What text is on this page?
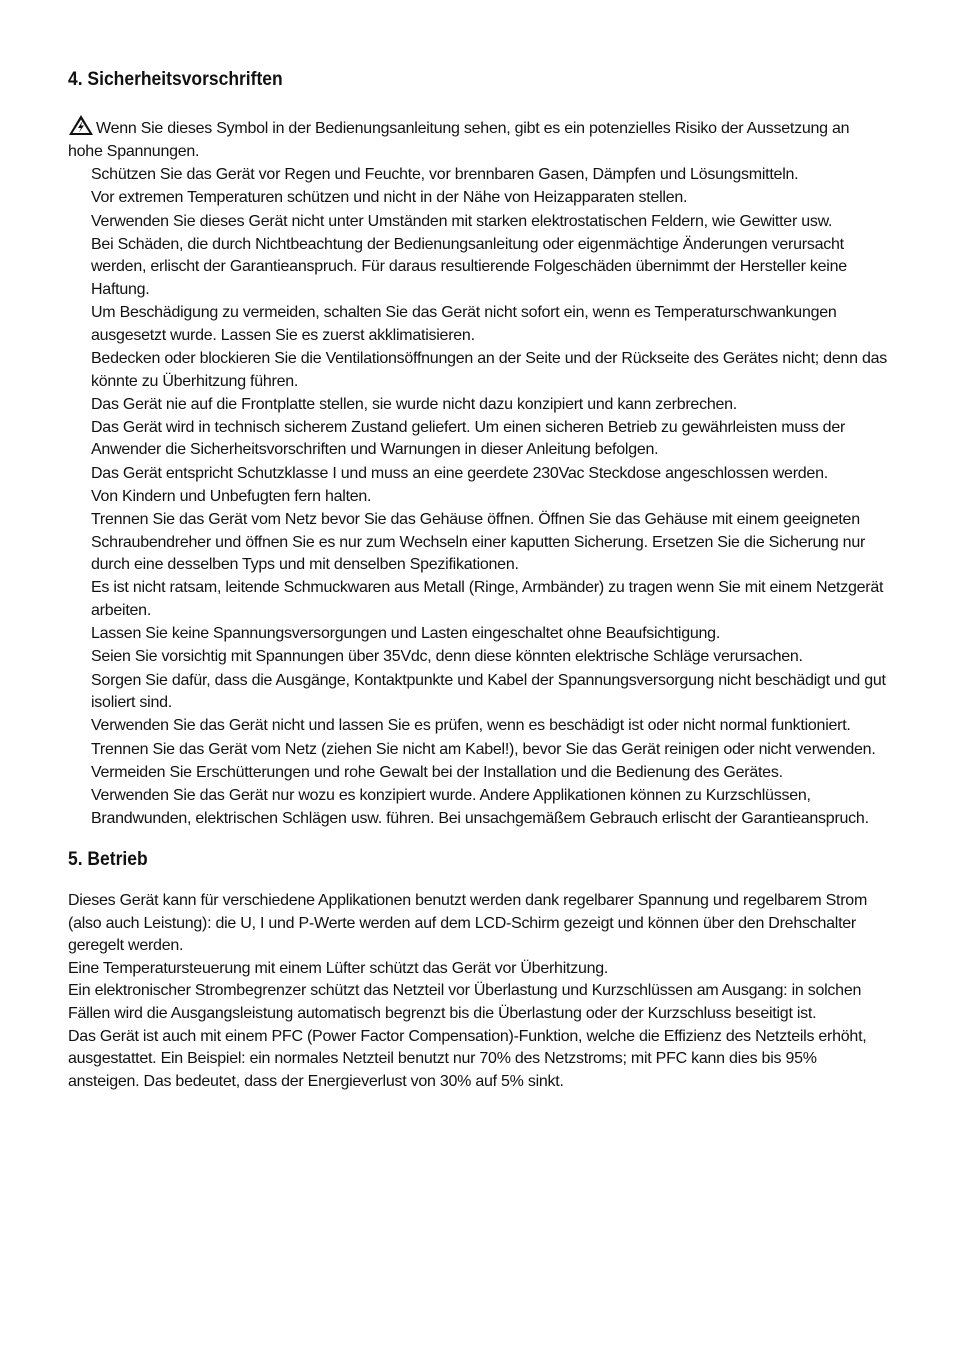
4. Sicherheitsvorschriften

Wenn Sie dieses Symbol in der Bedienungsanleitung sehen, gibt es ein potenzielles Risiko der Aussetzung an hohe Spannungen.

Schützen Sie das Gerät vor Regen und Feuchte, vor brennbaren Gasen, Dämpfen und Lösungsmitteln.

Vor extremen Temperaturen schützen und nicht in der Nähe von Heizapparaten stellen.

Verwenden Sie dieses Gerät nicht unter Umständen mit starken elektrostatischen Feldern, wie Gewitter usw.

Bei Schäden, die durch Nichtbeachtung der Bedienungsanleitung oder eigenmächtige Änderungen verursacht werden, erlischt der Garantieanspruch. Für daraus resultierende Folgeschäden übernimmt der Hersteller keine Haftung.

Um Beschädigung zu vermeiden, schalten Sie das Gerät nicht sofort ein, wenn es Temperaturschwankungen ausgesetzt wurde. Lassen Sie es zuerst akklimatisieren.

Bedecken oder blockieren Sie die Ventilationsöffnungen an der Seite und der Rückseite des Gerätes nicht; denn das könnte zu Überhitzung führen.

Das Gerät nie auf die Frontplatte stellen, sie wurde nicht dazu konzipiert und kann zerbrechen.

Das Gerät wird in technisch sicherem Zustand geliefert. Um einen sicheren Betrieb zu gewährleisten muss der Anwender die Sicherheitsvorschriften und Warnungen in dieser Anleitung befolgen.

Das Gerät entspricht Schutzklasse I und muss an eine geerdete 230Vac Steckdose angeschlossen werden.

Von Kindern und Unbefugten fern halten.

Trennen Sie das Gerät vom Netz bevor Sie das Gehäuse öffnen. Öffnen Sie das Gehäuse mit einem geeigneten Schraubendreher und öffnen Sie es nur zum Wechseln einer kaputten Sicherung. Ersetzen Sie die Sicherung nur durch eine desselben Typs und mit denselben Spezifikationen.

Es ist nicht ratsam, leitende Schmuckwaren aus Metall (Ringe, Armbänder) zu tragen wenn Sie mit einem Netzgerät arbeiten.

Lassen Sie keine Spannungsversorgungen und Lasten eingeschaltet ohne Beaufsichtigung.

Seien Sie vorsichtig mit Spannungen über 35Vdc, denn diese könnten elektrische Schläge verursachen.

Sorgen Sie dafür, dass die Ausgänge, Kontaktpunkte und Kabel der Spannungsversorgung nicht beschädigt und gut isoliert sind.

Verwenden Sie das Gerät nicht und lassen Sie es prüfen, wenn es beschädigt ist oder nicht normal funktioniert.

Trennen Sie das Gerät vom Netz (ziehen Sie nicht am Kabel!), bevor Sie das Gerät reinigen oder nicht verwenden.

Vermeiden Sie Erschütterungen und rohe Gewalt bei der Installation und die Bedienung des Gerätes.

Verwenden Sie das Gerät nur wozu es konzipiert wurde. Andere Applikationen können zu Kurzschlüssen, Brandwunden, elektrischen Schlägen usw. führen. Bei unsachgemäßem Gebrauch erlischt der Garantieanspruch.

5. Betrieb

Dieses Gerät kann für verschiedene Applikationen benutzt werden dank regelbarer Spannung und regelbarem Strom (also auch Leistung): die U, I und P-Werte werden auf dem LCD-Schirm gezeigt und können über den Drehschalter geregelt werden.

Eine Temperatursteuerung mit einem Lüfter schützt das Gerät vor Überhitzung.

Ein elektronischer Strombegrenzer schützt das Netzteil vor Überlastung und Kurzschlüssen am Ausgang: in solchen Fällen wird die Ausgangsleistung automatisch begrenzt bis die Überlastung oder der Kurzschluss beseitigt ist.

Das Gerät ist auch mit einem PFC (Power Factor Compensation)-Funktion, welche die Effizienz des Netzteils erhöht, ausgestattet. Ein Beispiel: ein normales Netzteil benutzt nur 70% des Netzstroms; mit PFC kann dies bis 95% ansteigen. Das bedeutet, dass der Energieverlust von 30% auf 5% sinkt.
